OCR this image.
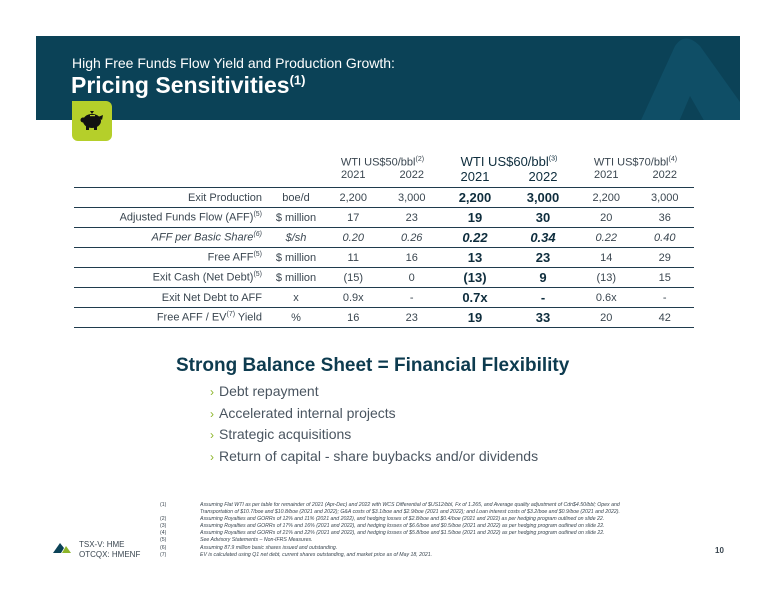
High Free Funds Flow Yield and Production Growth:
Pricing Sensitivities$^{(1)}$
		WTI US$50/bbl$^{(2)}$		WTI US$60/bbl$^{(3)}$		WTI US$70/bbl$^{(4)}$
		2021	2022	2021	2022	2021	2022
Exit Production	boe/d	2,200	3,000	2,200	3,000	2,200	3,000
Adjusted Funds Flow (AFF)$^{(5)}$	$ million	17	23	19	30	20	36
AFF per Basic Share$^{(6)}$	$/sh	0.20	0.26	0.22	0.34	0.22	0.40
Free AFF$^{(5)}$	$ million	11	16	13	23	14	29
Exit Cash (Net Debt)$^{(5)}$	$ million	(15)	0	(13)	9	(13)	15
Exit Net Debt to AFF	x	0.9x	-	0.7x	-	0.6x	-
Free AFF / EV$^{(7)}$ Yield	%	16	23	19	33	20	42
Strong Balance Sheet = Financial Flexibility
› Debt repayment
› Accelerated internal projects
› Strategic acquisitions
› Return of capital - share buybacks and/or dividends
(1)	Assuming Flat WTI as per table for remainder of 2021 (Apr-Dec) and 2022 with WCS Differential of $US12/bbl, Fx of 1.265, and Average quality adjustment of Cdn$4.50/bbl; Opex and
Transportation of $10.7/boe and $10.8/boe (2021 and 2022); G&A costs of $3.1/boe and $2.9/boe (2021 and 2022); and Loan interest costs of $3.2/boe and $0.9/boe (2021 and 2022).
(2)	Assuming Royalties and GORRs of 12% and 11% (2021 and 2022), and hedging losses of $2.8/boe and $0.4/boe (2021 and 2022) as per hedging program outlined on slide 22.
(3)	Assuming Royalties and GORRs of 17% and 16% (2021 and 2022), and hedging losses of $6.6/boe and $0.5/boe (2021 and 2022) as per hedging program outlined on slide 22.
(4)	Assuming Royalties and GORRs of 21% and 22% (2021 and 2022), and hedging losses of $5.8/boe and $1.5/boe (2021 and 2022) as per hedging program outlined on slide 22.
(5)	See Advisory Statements – Non-IFRS Measures.
(6)	Assuming 87.9 million basic shares issued and outstanding.
(7)	EV is calculated using Q1 net debt, current shares outstanding, and market price as of May 18, 2021.
TSX-V: HME
OTCQX: HMENF	10
